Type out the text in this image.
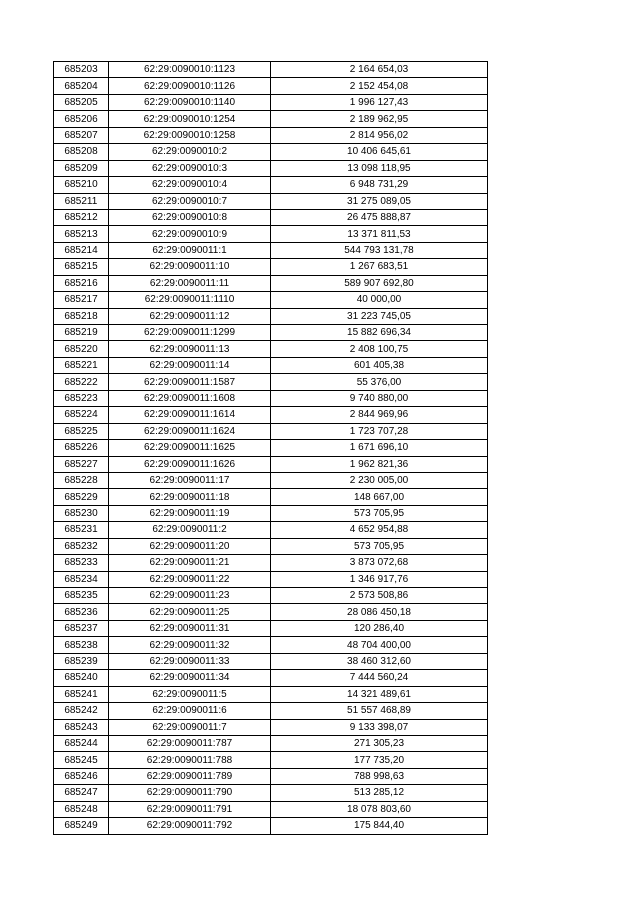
685203	62:29:0090010:1123	2 164 654,03
685204	62:29:0090010:1126	2 152 454,08
685205	62:29:0090010:1140	1 996 127,43
685206	62:29:0090010:1254	2 189 962,95
685207	62:29:0090010:1258	2 814 956,02
685208	62:29:0090010:2	10 406 645,61
685209	62:29:0090010:3	13 098 118,95
685210	62:29:0090010:4	6 948 731,29
685211	62:29:0090010:7	31 275 089,05
685212	62:29:0090010:8	26 475 888,87
685213	62:29:0090010:9	13 371 811,53
685214	62:29:0090011:1	544 793 131,78
685215	62:29:0090011:10	1 267 683,51
685216	62:29:0090011:11	589 907 692,80
685217	62:29:0090011:1110	40 000,00
685218	62:29:0090011:12	31 223 745,05
685219	62:29:0090011:1299	15 882 696,34
685220	62:29:0090011:13	2 408 100,75
685221	62:29:0090011:14	601 405,38
685222	62:29:0090011:1587	55 376,00
685223	62:29:0090011:1608	9 740 880,00
685224	62:29:0090011:1614	2 844 969,96
685225	62:29:0090011:1624	1 723 707,28
685226	62:29:0090011:1625	1 671 696,10
685227	62:29:0090011:1626	1 962 821,36
685228	62:29:0090011:17	2 230 005,00
685229	62:29:0090011:18	148 667,00
685230	62:29:0090011:19	573 705,95
685231	62:29:0090011:2	4 652 954,88
685232	62:29:0090011:20	573 705,95
685233	62:29:0090011:21	3 873 072,68
685234	62:29:0090011:22	1 346 917,76
685235	62:29:0090011:23	2 573 508,86
685236	62:29:0090011:25	28 086 450,18
685237	62:29:0090011:31	120 286,40
685238	62:29:0090011:32	48 704 400,00
685239	62:29:0090011:33	38 460 312,60
685240	62:29:0090011:34	7 444 560,24
685241	62:29:0090011:5	14 321 489,61
685242	62:29:0090011:6	51 557 468,89
685243	62:29:0090011:7	9 133 398,07
685244	62:29:0090011:787	271 305,23
685245	62:29:0090011:788	177 735,20
685246	62:29:0090011:789	788 998,63
685247	62:29:0090011:790	513 285,12
685248	62:29:0090011:791	18 078 803,60
685249	62:29:0090011:792	175 844,40
